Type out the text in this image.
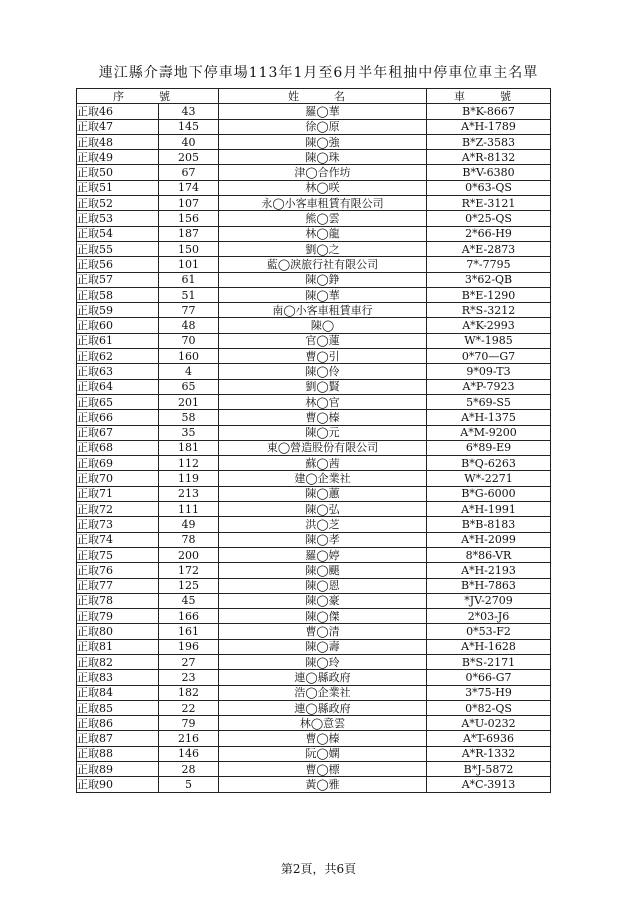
連江縣介壽地下停車場113年1月至6月半年租抽中停車位車主名單
序　號		姓　名	車　號
正取46	43	羅◯華	B*K-8667
正取47	145	徐◯原	A*H-1789
正取48	40	陳◯強	B*Z-3583
正取49	205	陳◯珠	A*R-8132
正取50	67	津◯合作坊	B*V-6380
正取51	174	林◯咲	0*63-QS
正取52	107	永◯小客車租賃有限公司	R*E-3121
正取53	156	熊◯雲	0*25-QS
正取54	187	林◯龍	2*66-H9
正取55	150	劉◯之	A*E-2873
正取56	101	藍◯淚旅行社有限公司	7*-7795
正取57	61	陳◯錚	3*62-QB
正取58	51	陳◯華	B*E-1290
正取59	77	南◯小客車租賃車行	R*S-3212
正取60	48	陳◯	A*K-2993
正取61	70	官◯蓮	W*-1985
正取62	160	曹◯引	0*70—G7
正取63	4	陳◯伶	9*09-T3
正取64	65	劉◯賢	A*P-7923
正取65	201	林◯官	5*69-S5
正取66	58	曹◯榛	A*H-1375
正取67	35	陳◯元	A*M-9200
正取68	181	東◯營造股份有限公司	6*89-E9
正取69	112	蘇◯茜	B*Q-6263
正取70	119	建◯企業社	W*-2271
正取71	213	陳◯蕙	B*G-6000
正取72	111	陳◯弘	A*H-1991
正取73	49	洪◯芝	B*B-8183
正取74	78	陳◯孝	A*H-2099
正取75	200	羅◯婷	8*86-VR
正取76	172	陳◯颶	A*H-2193
正取77	125	陳◯恩	B*H-7863
正取78	45	陳◯豪	*JV-2709
正取79	166	陳◯傑	2*03-J6
正取80	161	曹◯清	0*53-F2
正取81	196	陳◯壽	A*H-1628
正取82	27	陳◯玲	B*S-2171
正取83	23	連◯縣政府	0*66-G7
正取84	182	浩◯企業社	3*75-H9
正取85	22	連◯縣政府	0*82-QS
正取86	79	林◯意雲	A*U-0232
正取87	216	曹◯榛	A*T-6936
正取88	146	阮◯嫻	A*R-1332
正取89	28	曹◯標	B*J-5872
正取90	5	黃◯雅	A*C-3913
第2頁，共6頁
